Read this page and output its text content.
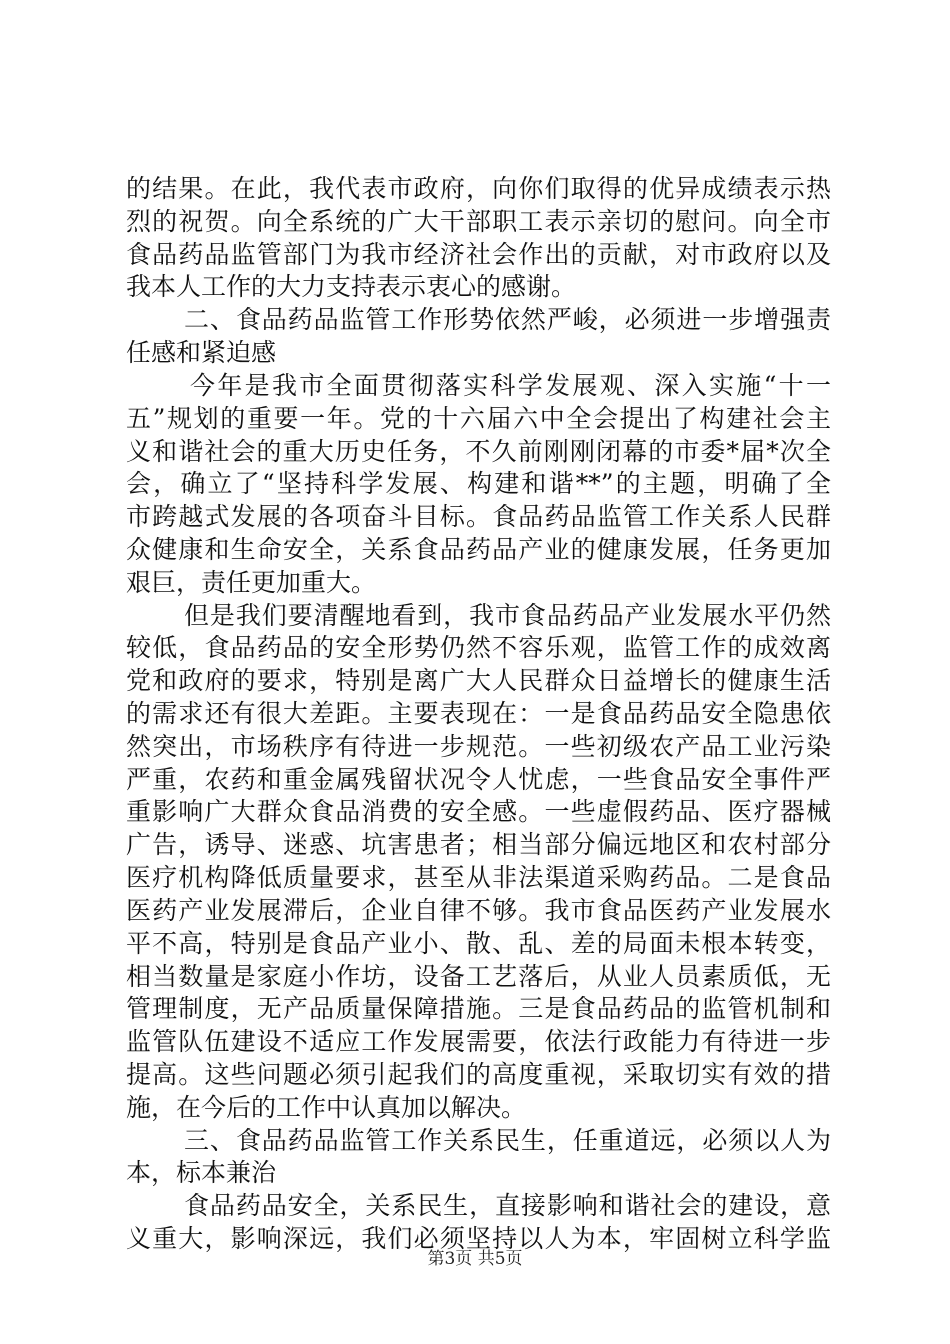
的结果。在此，我代表市政府，向你们取得的优异成绩表示热
烈的祝贺。向全系统的广大干部职工表示亲切的慰问。向全市
食品药品监管部门为我市经济社会作出的贡献，对市政府以及
我本人工作的大力支持表示衷心的感谢。
二、食品药品监管工作形势依然严峻，必须进一步增强责
任感和紧迫感
今年是我市全面贯彻落实科学发展观、深入实施“十一
五”规划的重要一年。党的十六届六中全会提出了构建社会主
义和谐社会的重大历史任务，不久前刚刚闭幕的市委*届*次全
会，确立了“坚持科学发展、构建和谐**”的主题，明确了全
市跨越式发展的各项奋斗目标。食品药品监管工作关系人民群
众健康和生命安全，关系食品药品产业的健康发展，任务更加
艰巨，责任更加重大。
但是我们要清醒地看到，我市食品药品产业发展水平仍然
较低，食品药品的安全形势仍然不容乐观，监管工作的成效离
党和政府的要求，特别是离广大人民群众日益增长的健康生活
的需求还有很大差距。主要表现在：一是食品药品安全隐患依
然突出，市场秩序有待进一步规范。一些初级农产品工业污染
严重，农药和重金属残留状况令人忧虑，一些食品安全事件严
重影响广大群众食品消费的安全感。一些虚假药品、医疗器械
广告，诱导、迷惑、坑害患者；相当部分偏远地区和农村部分
医疗机构降低质量要求，甚至从非法渠道采购药品。二是食品
医药产业发展滞后，企业自律不够。我市食品医药产业发展水
平不高，特别是食品产业小、散、乱、差的局面未根本转变，
相当数量是家庭小作坊，设备工艺落后，从业人员素质低，无
管理制度，无产品质量保障措施。三是食品药品的监管机制和
监管队伍建设不适应工作发展需要，依法行政能力有待进一步
提高。这些问题必须引起我们的高度重视，采取切实有效的措
施，在今后的工作中认真加以解决。
三、食品药品监管工作关系民生，任重道远，必须以人为
本，标本兼治
食品药品安全，关系民生，直接影响和谐社会的建设，意
义重大，影响深远，我们必须坚持以人为本，牢固树立科学监
第3页 共5页
